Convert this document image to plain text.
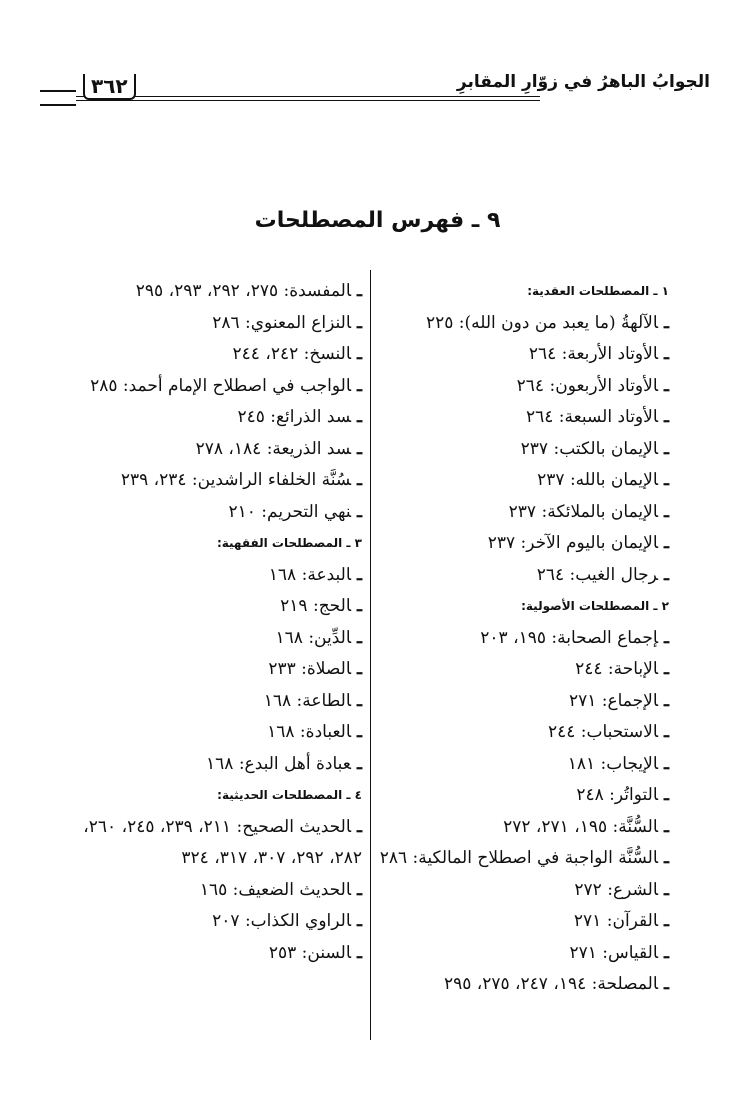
٣٦٢	الجوابُ الباهرُ في زوّارِ المقابرِ
٩ ـ فهرس المصطلحات
١ ـ المصطلحات العقدية:
ـالآلهةُ (ما يعبد من دون الله): ٢٢٥
ـالأوتاد الأربعة: ٢٦٤
ـالأوتاد الأربعون: ٢٦٤
ـالأوتاد السبعة: ٢٦٤
ـالإيمان بالكتب: ٢٣٧
ـالإيمان بالله: ٢٣٧
ـالإيمان بالملائكة: ٢٣٧
ـالإيمان باليوم الآخر: ٢٣٧
ـرجال الغيب: ٢٦٤
٢ ـ المصطلحات الأصولية:
ـإجماع الصحابة: ١٩٥، ٢٠٣
ـالإباحة: ٢٤٤
ـالإجماع: ٢٧١
ـالاستحباب: ٢٤٤
ـالإيجاب: ١٨١
ـالتواتُر: ٢٤٨
ـالسُّنَّة: ١٩٥، ٢٧١، ٢٧٢
ـالسُّنَّة الواجبة في اصطلاح المالكية: ٢٨٦
ـالشرع: ٢٧٢
ـالقرآن: ٢٧١
ـالقياس: ٢٧١
ـالمصلحة: ١٩٤، ٢٤٧، ٢٧٥، ٢٩٥
ـالمفسدة: ٢٧٥، ٢٩٢، ٢٩٣، ٢٩٥
ـالنزاع المعنوي: ٢٨٦
ـالنسخ: ٢٤٢، ٢٤٤
ـالواجب في اصطلاح الإمام أحمد: ٢٨٥
ـسد الذرائع: ٢٤٥
ـسد الذريعة: ١٨٤، ٢٧٨
ـسُنَّة الخلفاء الراشدين: ٢٣٤، ٢٣٩
ـنهي التحريم: ٢١٠
٣ ـ المصطلحات الفقهية:
ـالبدعة: ١٦٨
ـالحج: ٢١٩
ـالدِّين: ١٦٨
ـالصلاة: ٢٣٣
ـالطاعة: ١٦٨
ـالعبادة: ١٦٨
ـعبادة أهل البدع: ١٦٨
٤ ـ المصطلحات الحديثية:
ـالحديث الصحيح: ٢١١، ٢٣٩، ٢٤٥، ٢٦٠، ٢٨٢، ٢٩٢، ٣٠٧، ٣١٧، ٣٢٤
ـالحديث الضعيف: ١٦٥
ـالراوي الكذاب: ٢٠٧
ـالسنن: ٢٥٣
